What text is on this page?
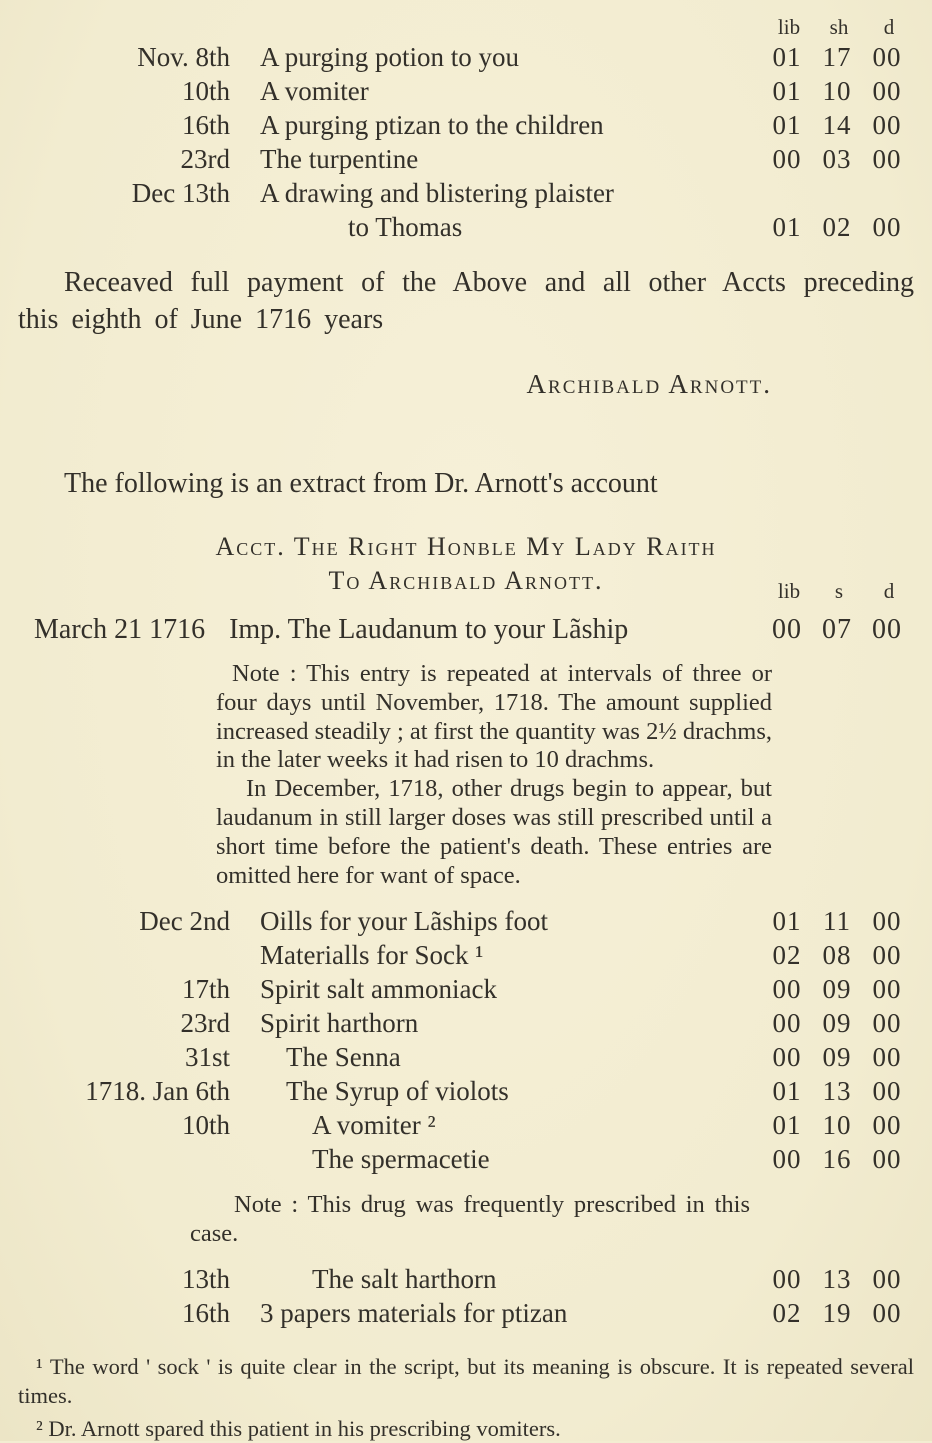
lib	sh	d
Nov. 8th	A purging potion to you	01 17 00
10th	A vomiter	01 10 00
16th	A purging ptizan to the children	01 14 00
23rd	The turpentine	00 03 00
Dec 13th	A drawing and blistering plaister
to Thomas	01 02 00

Receaved full payment of the Above and all other Accts preceding this eighth of June 1716 years

Archibald Arnott.

The following is an extract from Dr. Arnott's account

Acct. The Right Honble My Lady Raith
To Archibald Arnott.	lib	s	d
March 21 1716 Imp. The Laudanum to your Lãship	00 07 00

Note : This entry is repeated at intervals of three or four days until November, 1718. The amount supplied increased steadily ; at first the quantity was 2½ drachms, in the later weeks it had risen to 10 drachms.

In December, 1718, other drugs begin to appear, but laudanum in still larger doses was still prescribed until a short time before the patient's death. These entries are omitted here for want of space.

Dec 2nd	Oills for your Lãships foot	01 11 00
Materialls for Sock ¹	02 08 00
17th	Spirit salt ammoniack	00 09 00
23rd	Spirit harthorn	00 09 00
31st	The Senna	00 09 00
1718. Jan 6th	The Syrup of violots	01 13 00
10th	A vomiter ²	01 10 00
The spermacetie	00 16 00

Note : This drug was frequently prescribed in this case.

13th	The salt harthorn	00 13 00
16th	3 papers materials for ptizan	02 19 00

¹ The word ' sock ' is quite clear in the script, but its meaning is obscure. It is repeated several times.

² Dr. Arnott spared this patient in his prescribing vomiters.
